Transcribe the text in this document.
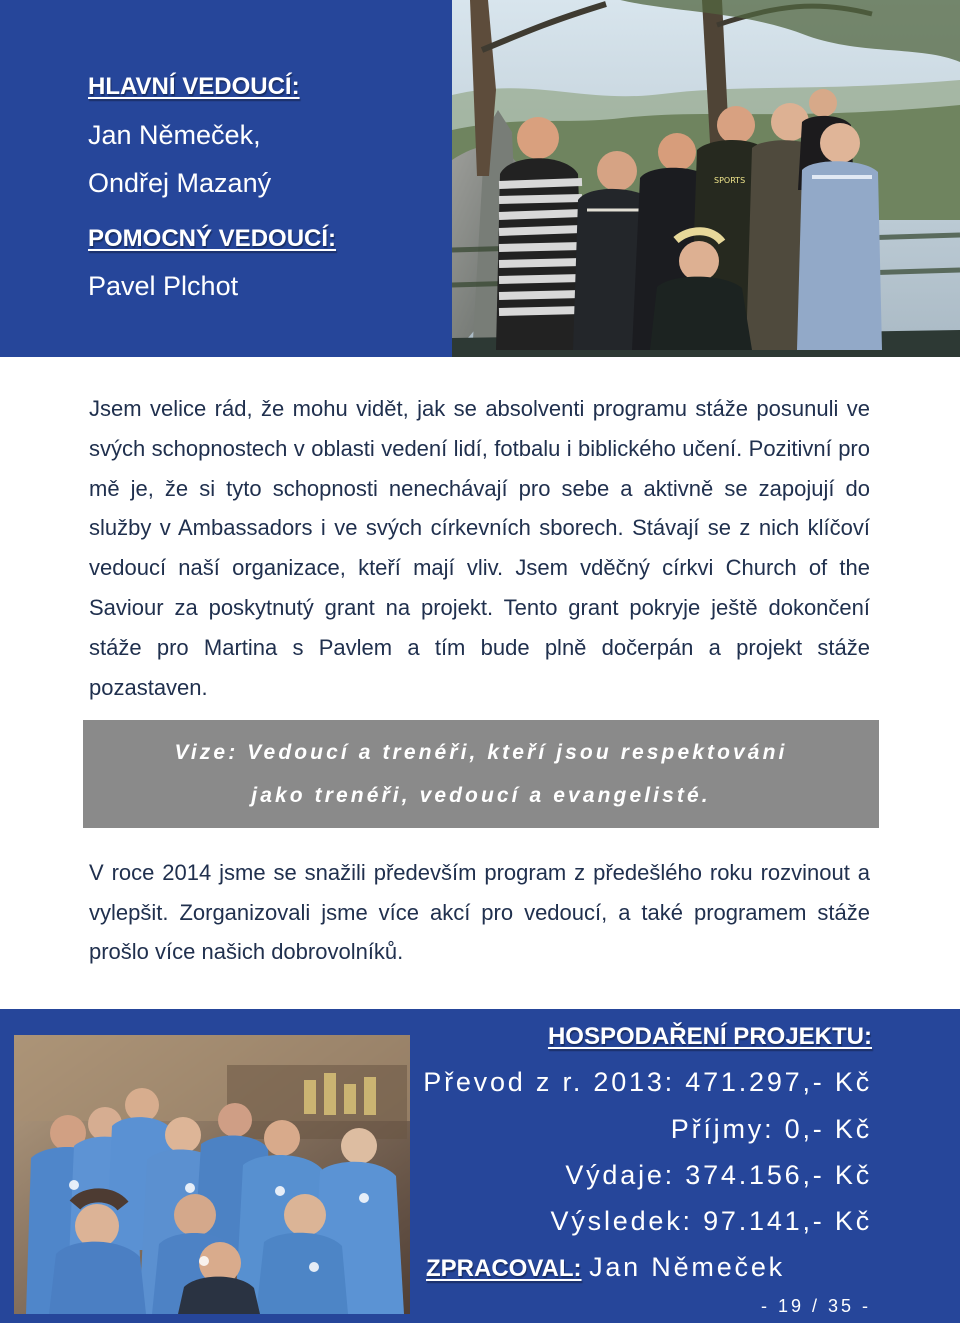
HLAVNÍ VEDOUCÍ:

Jan Němeček,

Ondřej Mazaný

POMOCNÝ VEDOUCÍ:

Pavel Plchot

SPORTS

Jsem velice rád, že mohu vidět, jak se absolventi programu stáže posunuli ve svých schopnostech v oblasti vedení lidí, fotbalu i biblického učení. Pozitivní pro mě je, že si tyto schopnosti nenechávají pro sebe a aktivně se zapojují do služby v Ambassadors i ve svých církevních sborech. Stávají se z nich klíčoví vedoucí naší organizace, kteří mají vliv. Jsem vděčný církvi Church of the Saviour za poskytnutý grant na projekt. Tento grant pokryje ještě dokončení stáže pro Martina s Pavlem a tím bude plně dočerpán a projekt stáže pozastaven.

Vize: Vedoucí a trenéři, kteří jsou respektováni

jako trenéři, vedoucí a evangelisté.

V roce 2014 jsme se snažili především program z předešlého roku rozvinout a vylepšit. Zorganizovali jsme více akcí pro vedoucí, a také programem stáže prošlo více našich dobrovolníků.

HOSPODAŘENÍ PROJEKTU:

Převod z r. 2013: 471.297,- Kč

Příjmy: 0,- Kč

Výdaje: 374.156,- Kč

Výsledek: 97.141,- Kč

ZPRACOVAL: Jan Němeček

- 19 / 35 -
